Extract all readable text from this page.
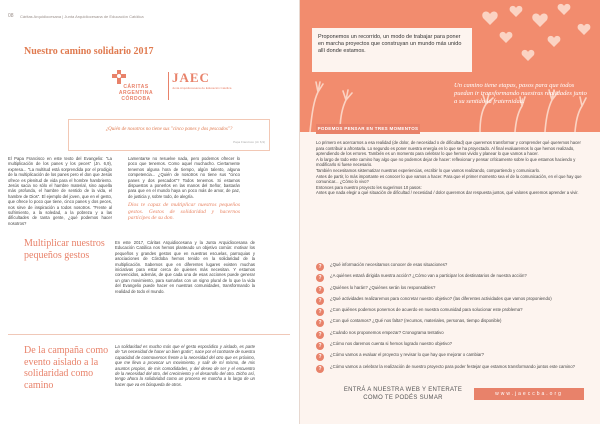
08 Cáritas Arquidiocesana | Junta Arquidiocesana de Educación Católica
Nuestro camino solidario 2017
CÁRITAS
ARGENTINA
CÓRDOBA
JAEC
Junta Arquidiocesana de Educación Católica
¿Quién de nosotros no tiene sus "cinco panes y dos pescados"?
Papa Francisco (Jn 6,9)
El Papa Francisco en este texto del Evangelio: "La multiplicación de los panes y los peces" (Jn. 6,9), expresa... "La multitud está sorprendida por el prodigio de la multiplicación de los panes pero el don que Jesús ofrece es plenitud de vida para el hombre hambriento. Jesús sacia no sólo el hambre material, sino aquella más profunda, el hambre de sentido de la vida, el hambre de Dios". El ejemplo del joven, que en el gesto, que ofrece lo poco que tiene, cinco panes y dos peces, nos sirve de inspiración a todos nosotros. "Frente al sufrimiento, a la soledad, a la pobreza y a las dificultades de tanta gente, ¿qué podemos hacer nosotros?
Lamentarse no resuelve nada, pero podemos ofrecer lo poco que tenemos. Como aquel muchacho. Ciertamente tenemos alguna hora de tiempo, algún talento, alguna competencia... ¿Quién de nosotros no tiene sus "cinco panes y dos pescados"? Todos tenemos. Si estamos dispuestos a ponerlos en las manos del Señor, bastarán para que en el mundo haya un poco más de amor, de paz, de justicia y, sobre todo, de alegría.
Dios te capaz de multiplicar nuestros pequeños gestos. Gestos de solidaridad y hacernos partícipes de su don.
Multiplicar nuestros pequeños gestos
En este 2017, Cáritas Arquidiocesana y la Junta Arquidiocesana de Educación Católica nos hemos planteado un objetivo común: motivar los pequeños y grandes gestos que en nuestras escuelas, parroquias y asociaciones de Córdoba hemos tenido en la solidaridad de la multiplicación. Sabemos que en diferentes lugares existen muchas iniciativas para estar cerca de quienes más necesitan. Y estamos convencidos, además, de que cada una de esas acciones puede generar un gran movimiento, para sumarlas con un signo plural de lo que la vida del Evangelio puede hacer en nuestras comunidades, transformando la realidad de todo el mundo.
De la campaña como evento aislado a la solidaridad como camino
La solidaridad es mucho más que el gesto esporádico y aislado, es parte de "un necesidad de hacer un bien gratis", nace por el contraste de nuestra capacidad de conmovernos frente a la necesidad del otro que es próximo, que me lleva a provocar un movimiento, y salir de mí mismo, de mis asuntos propios, de mis comodidades, y del deseo de ser y el encuentro de la necesidad del otro, del crecimiento y el desarrollo del otro. Dicho así, tengo ahora la solidaridad como un proceso en marcha a lo largo de un hacer que va en búsqueda de otros.
Proponemos un recorrido, un modo de trabajar para poner en marcha proyectos que construyan un mundo más unido allí donde estamos.
Un camino tiene etapas, pasos para que todos puedan ir transformando nuestras realidades junto a su sentido la fraternidad.
PODEMOS PENSAR EN TRES MOMENTOS
Lo primero es acercarnos a esa realidad (de dolor, de necesidad o de dificultad) que queremos transformar y comprender qué queremos hacer para contribuir a afrontarla. Lo segundo es poner nuestra energía en lo que se ha proyectado. Al final evaluaremos lo que hemos realizado, aprendiendo de los errores. También es un momento para celebrar lo que hemos vivido y planear lo que vamos a hacer.
A lo largo de todo este camino hay algo que no podemos dejar de hacer: reflexionar y pensar críticamente sobre lo que estamos haciendo y modificarlo si fuese necesario.
También necesitamos sistematizar nuestras experiencias, escribir lo que vamos realizando, compartiendo y comunicarlo.
Antes de partir, lo más importante es conocer lo que vamos a hacer. Para que el primer momento sea el de la comunicación, en el que hay que comunicar... ¿Cómo lo vivo?
Entonces para nuestro proyecto les sugerimos 10 pasos:
Antes que nada elegir a qué situación de dificultad / necesidad / dolor queremos dar respuesta juntos, qué valores queremos aprender a vivir.
?	¿Qué información necesitamos conocer de esas situaciones?
?	¿A quiénes estará dirigida nuestra acción? ¿Cómo van a participar los destinatarios de nuestra acción?
?	¿Quiénes lo harán? ¿Quiénes serán los responsables?
?	¿Qué actividades realizaremos para concretar nuestro objetivo? (las diferentes actividades que vamos proponiendo)
?	¿Con quiénes podemos ponernos de acuerdo en nuestra comunidad para solucionar este problema?
?	¿Con qué contamos? ¿Qué nos falta? (recursos, materiales, personas, tiempo disponible)
?	¿Cuándo nos proponemos empezar? Cronograma tentativo
?	¿Cómo nos daremos cuenta si hemos logrado nuestro objetivo?
?	¿Cómo vamos a evaluar el proyecto y revisar lo que hay que mejorar o cambiar?
?	¿Cómo vamos a celebrar la realización de nuestro proyecto para poder festejar que estamos transformando juntos este camino?
ENTRÁ A NUESTRA WEB Y ENTERATE COMO TE PODÉS SUMAR
www.jaeccba.org
